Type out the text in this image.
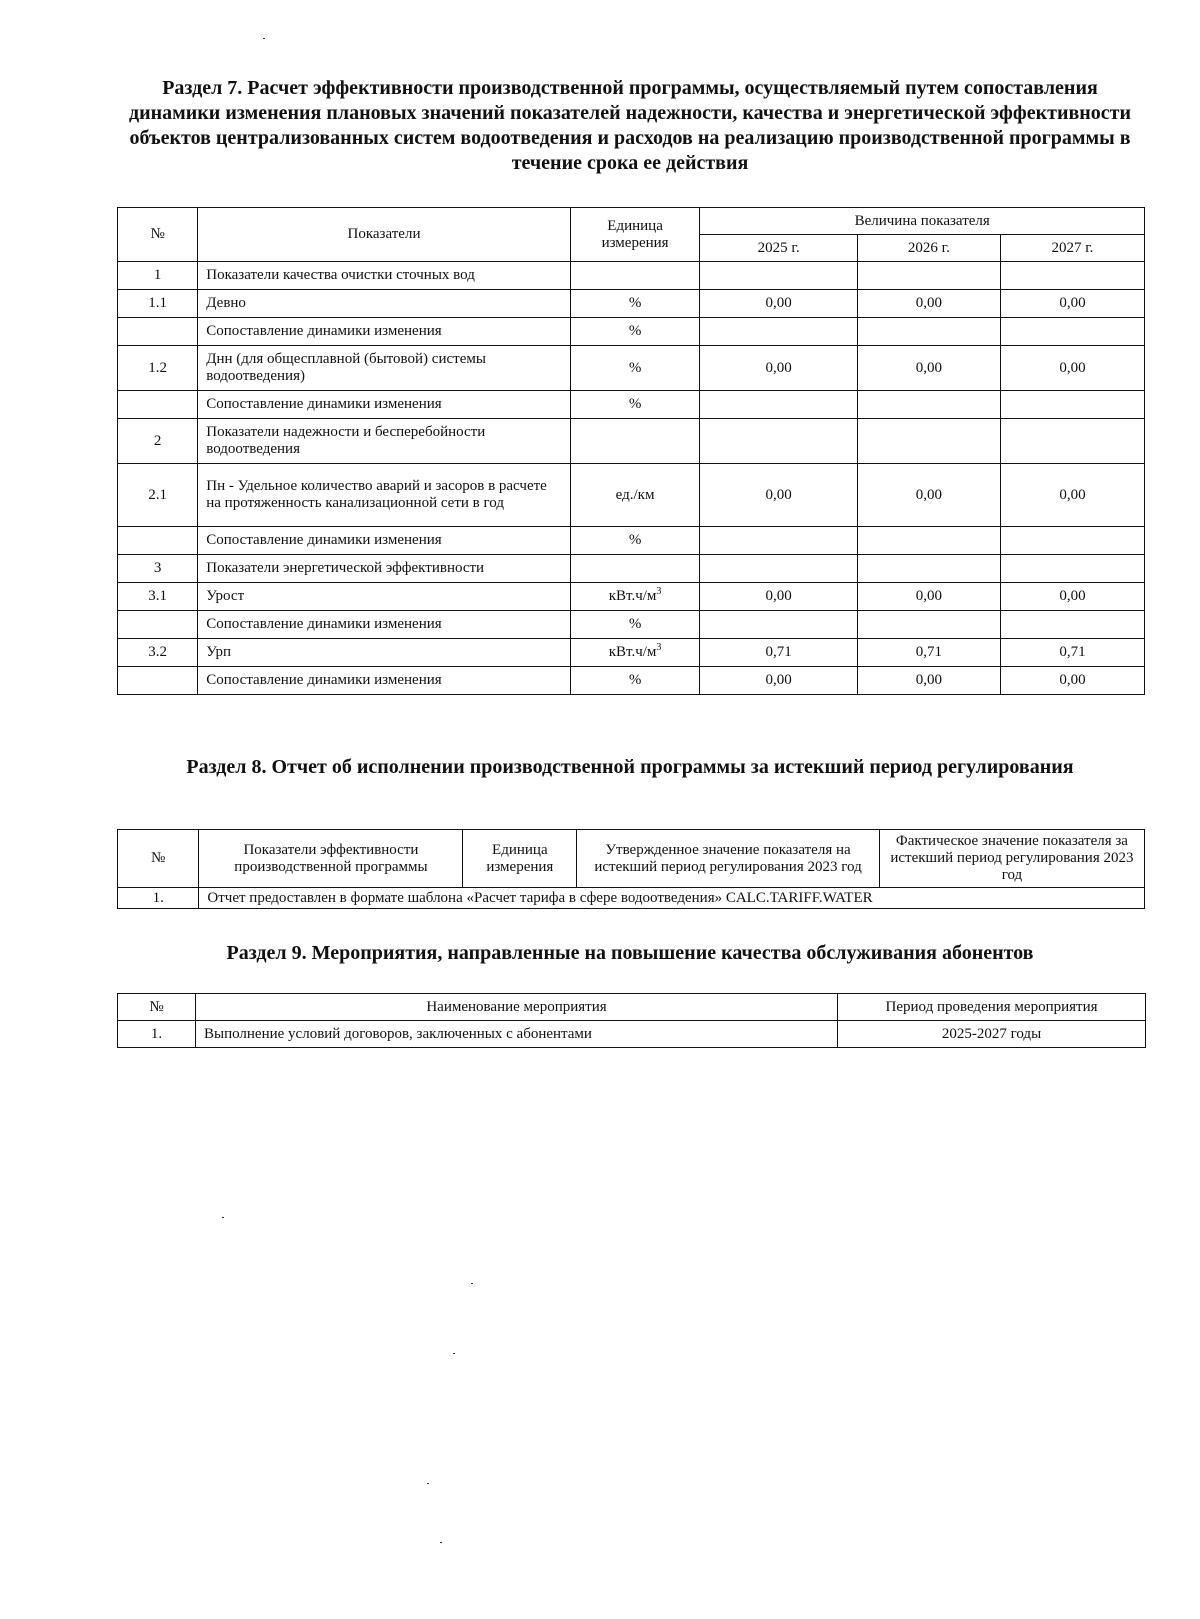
Раздел 7. Расчет эффективности производственной программы, осуществляемый путем сопоставления динамики изменения плановых значений показателей надежности, качества и энергетической эффективности объектов централизованных систем водоотведения и расходов на реализацию производственной программы в течение срока ее действия
№	Показатели	Единица измерения	Величина показателя		
			2025 г.	2026 г.	2027 г.
1	Показатели качества очистки сточных вод				
1.1	Девно	%	0,00	0,00	0,00
	Сопоставление динамики изменения	%			
1.2	Днн (для общесплавной (бытовой) системы водоотведения)	%	0,00	0,00	0,00
	Сопоставление динамики изменения	%			
2	Показатели надежности и бесперебойности водоотведения				
2.1	Пн - Удельное количество аварий и засоров в расчете на протяженность канализационной сети в год	ед./км	0,00	0,00	0,00
	Сопоставление динамики изменения	%			
3	Показатели энергетической эффективности				
3.1	Урост	$кВт.ч/м^3$	0,00	0,00	0,00
	Сопоставление динамики изменения	%			
3.2	Урп	$кВт.ч/м^3$	0,71	0,71	0,71
	Сопоставление динамики изменения	%	0,00	0,00	0,00
Раздел 8. Отчет об исполнении производственной программы за истекший период регулирования
№	Показатели эффективности производственной программы	Единица измерения	Утвержденное значение показателя на истекший период регулирования 2023 год	Фактическое значение показателя за истекший период регулирования 2023 год
1.	Отчет предоставлен в формате шаблона «Расчет тарифа в сфере водоотведения» CALC.TARIFF.WATER			
Раздел 9. Мероприятия, направленные на повышение качества обслуживания абонентов
№	Наименование мероприятия	Период проведения мероприятия
1.	Выполнение условий договоров, заключенных с абонентами	2025-2027 годы
